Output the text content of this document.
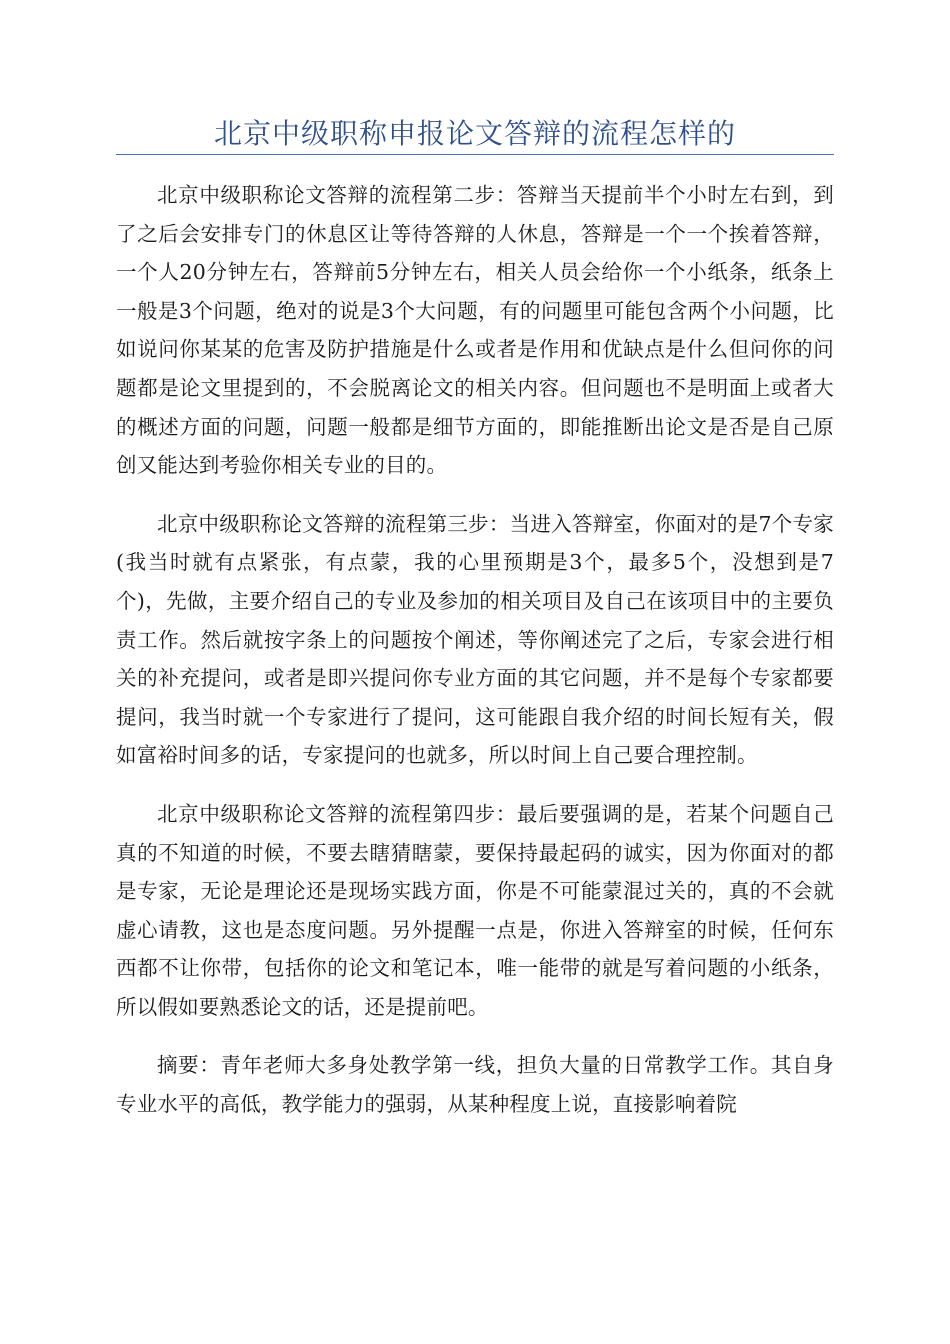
北京中级职称申报论文答辩的流程怎样的

北京中级职称论文答辩的流程第二步：答辩当天提前半个小时左右到，到了之后会安排专门的休息区让等待答辩的人休息，答辩是一个一个挨着答辩，一个人20分钟左右，答辩前5分钟左右，相关人员会给你一个小纸条，纸条上一般是3个问题，绝对的说是3个大问题，有的问题里可能包含两个小问题，比如说问你某某的危害及防护措施是什么或者是作用和优缺点是什么但问你的问题都是论文里提到的，不会脱离论文的相关内容。但问题也不是明面上或者大的概述方面的问题，问题一般都是细节方面的，即能推断出论文是否是自己原创又能达到考验你相关专业的目的。

北京中级职称论文答辩的流程第三步：当进入答辩室，你面对的是7个专家(我当时就有点紧张，有点蒙，我的心里预期是3个，最多5个，没想到是7个)，先做，主要介绍自己的专业及参加的相关项目及自己在该项目中的主要负责工作。然后就按字条上的问题按个阐述，等你阐述完了之后，专家会进行相关的补充提问，或者是即兴提问你专业方面的其它问题，并不是每个专家都要提问，我当时就一个专家进行了提问，这可能跟自我介绍的时间长短有关，假如富裕时间多的话，专家提问的也就多，所以时间上自己要合理控制。

北京中级职称论文答辩的流程第四步：最后要强调的是，若某个问题自己真的不知道的时候，不要去瞎猜瞎蒙，要保持最起码的诚实，因为你面对的都是专家，无论是理论还是现场实践方面，你是不可能蒙混过关的，真的不会就虚心请教，这也是态度问题。另外提醒一点是，你进入答辩室的时候，任何东西都不让你带，包括你的论文和笔记本，唯一能带的就是写着问题的小纸条，所以假如要熟悉论文的话，还是提前吧。

摘要：青年老师大多身处教学第一线，担负大量的日常教学工作。其自身专业水平的高低，教学能力的强弱，从某种程度上说，直接影响着院
